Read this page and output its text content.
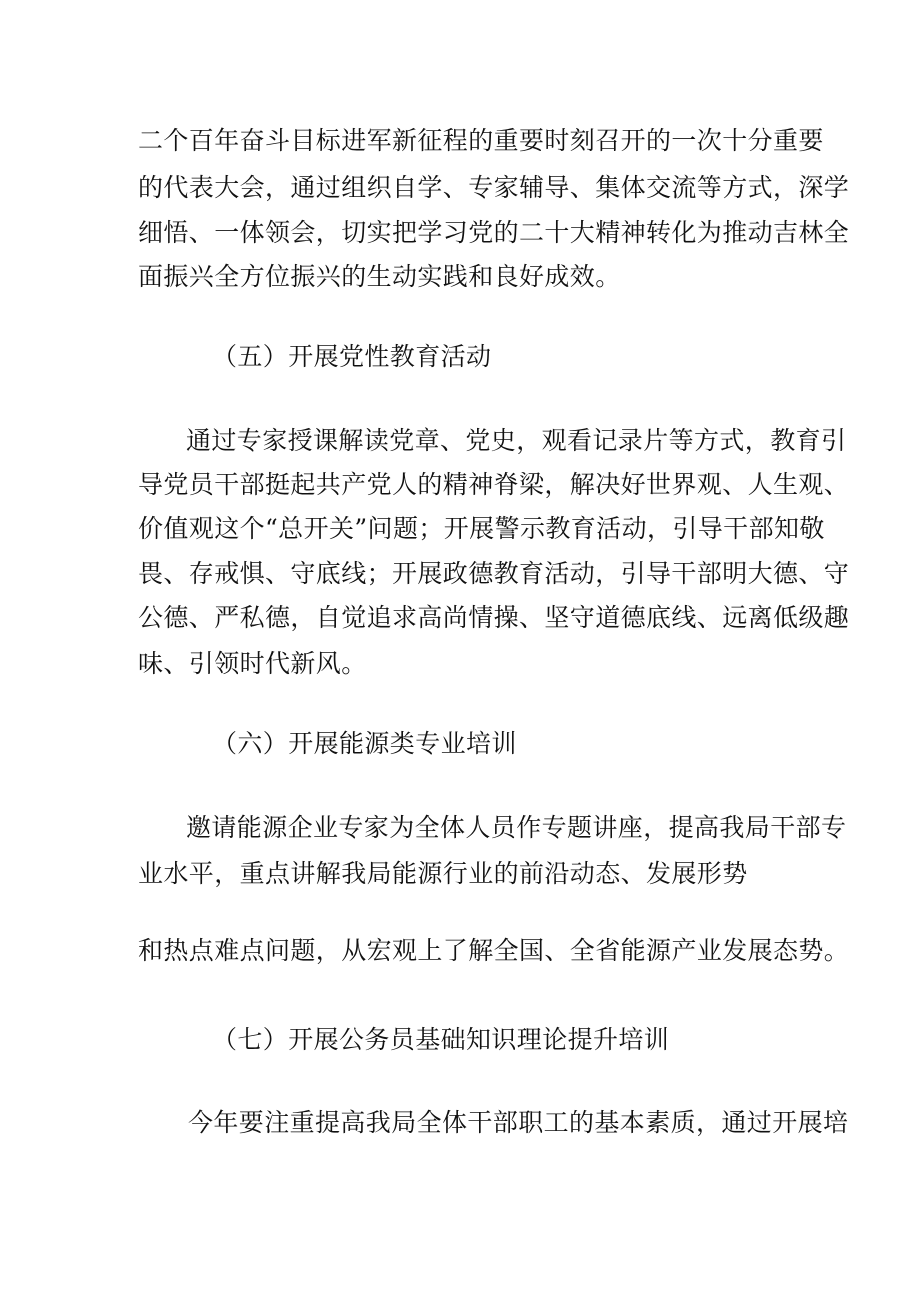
二个百年奋斗目标进军新征程的重要时刻召开的一次十分重要
的代表大会，通过组织自学、专家辅导、集体交流等方式，深学
细悟、一体领会，切实把学习党的二十大精神转化为推动吉林全
面振兴全方位振兴的生动实践和良好成效。
（五）开展党性教育活动
通过专家授课解读党章、党史，观看记录片等方式，教育引
导党员干部挺起共产党人的精神脊梁，解决好世界观、人生观、
价值观这个“总开关”问题；开展警示教育活动，引导干部知敬
畏、存戒惧、守底线；开展政德教育活动，引导干部明大德、守
公德、严私德，自觉追求高尚情操、坚守道德底线、远离低级趣
味、引领时代新风。
（六）开展能源类专业培训
邀请能源企业专家为全体人员作专题讲座，提高我局干部专
业水平，重点讲解我局能源行业的前沿动态、发展形势
和热点难点问题，从宏观上了解全国、全省能源产业发展态势。
（七）开展公务员基础知识理论提升培训
今年要注重提高我局全体干部职工的基本素质，通过开展培
